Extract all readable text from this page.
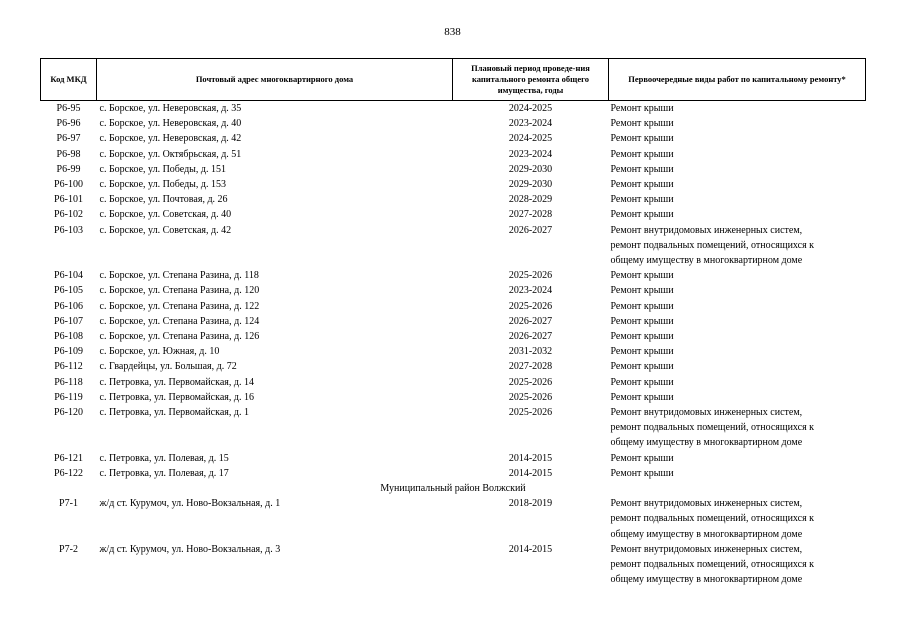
838
Код МКД	Почтовый адрес многоквартирного дома	Плановый период проведе-ния капитального ремонта общего имущества, годы	Первоочередные виды работ по капитальному ремонту*
Р6-95	с. Борское, ул. Неверовская, д. 35	2024-2025	Ремонт крыши

Р6-96	с. Борское, ул. Неверовская, д. 40	2023-2024	Ремонт крыши

Р6-97	с. Борское, ул. Неверовская, д. 42	2024-2025	Ремонт крыши

Р6-98	с. Борское, ул. Октябрьская, д. 51	2023-2024	Ремонт крыши

Р6-99	с. Борское, ул. Победы, д. 151	2029-2030	Ремонт крыши

Р6-100	с. Борское, ул. Победы, д. 153	2029-2030	Ремонт крыши

Р6-101	с. Борское, ул. Почтовая, д. 26	2028-2029	Ремонт крыши

Р6-102	с. Борское, ул. Советская, д. 40	2027-2028	Ремонт крыши

Р6-103	с. Борское, ул. Советская, д. 42	2026-2027	Ремонт внутридомовых инженерных систем,
ремонт подвальных помещений, относящихся к
общему имуществу в многоквартирном доме

Р6-104	с. Борское, ул. Степана Разина, д. 118	2025-2026	Ремонт крыши

Р6-105	с. Борское, ул. Степана Разина, д. 120	2023-2024	Ремонт крыши

Р6-106	с. Борское, ул. Степана Разина, д. 122	2025-2026	Ремонт крыши

Р6-107	с. Борское, ул. Степана Разина, д. 124	2026-2027	Ремонт крыши

Р6-108	с. Борское, ул. Степана Разина, д. 126	2026-2027	Ремонт крыши

Р6-109	с. Борское, ул. Южная, д. 10	2031-2032	Ремонт крыши

Р6-112	с. Гвардейцы, ул. Большая, д. 72	2027-2028	Ремонт крыши

Р6-118	с. Петровка, ул. Первомайская, д. 14	2025-2026	Ремонт крыши

Р6-119	с. Петровка, ул. Первомайская, д. 16	2025-2026	Ремонт крыши

Р6-120	с. Петровка, ул. Первомайская, д. 1	2025-2026	Ремонт внутридомовых инженерных систем,
ремонт подвальных помещений, относящихся к
общему имуществу в многоквартирном доме

Р6-121	с. Петровка, ул. Полевая, д. 15	2014-2015	Ремонт крыши

Р6-122	с. Петровка, ул. Полевая, д. 17	2014-2015	Ремонт крыши

Муниципальный район Волжский			
Р7-1	ж/д ст. Курумоч, ул. Ново-Вокзальная, д. 1	2018-2019	Ремонт внутридомовых инженерных систем,
ремонт подвальных помещений, относящихся к
общему имуществу в многоквартирном доме

Р7-2	ж/д ст. Курумоч, ул. Ново-Вокзальная, д. 3	2014-2015	Ремонт внутридомовых инженерных систем,
ремонт подвальных помещений, относящихся к
общему имуществу в многоквартирном доме
